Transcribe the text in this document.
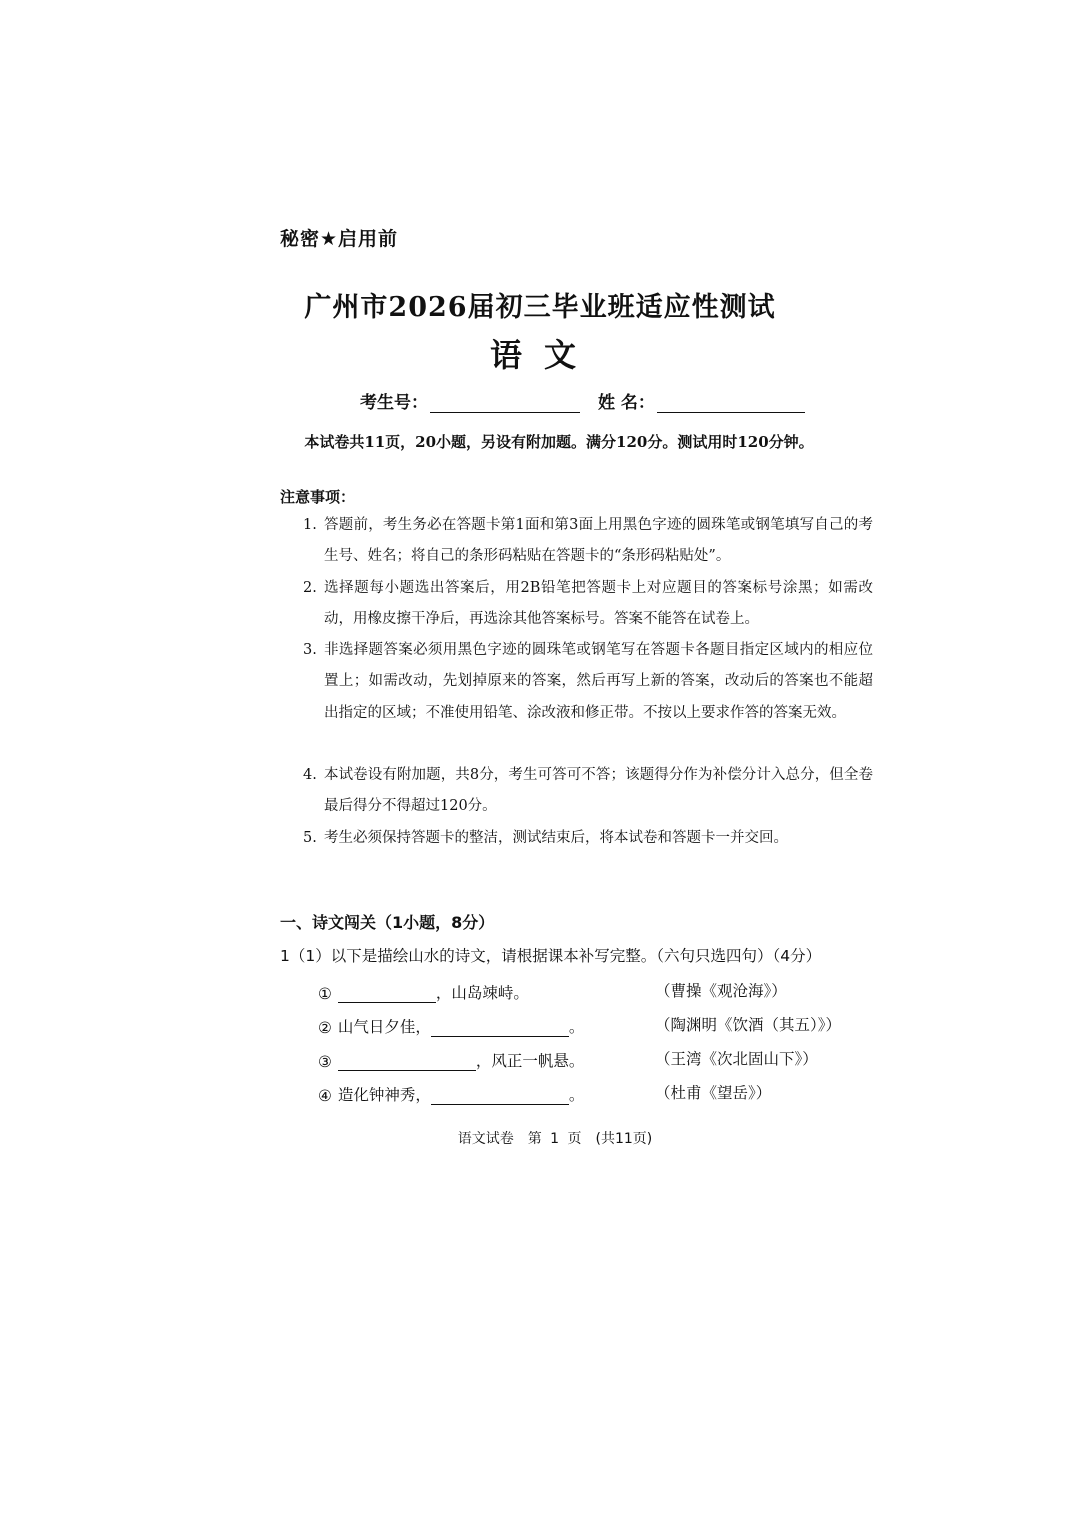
秘密★启用前
广州市2026届初三毕业班适应性测试
语文
考生号：	姓 名：
本试卷共11页，20小题，另设有附加题。满分120分。测试用时120分钟。
注意事项：
1. 答题前，考生务必在答题卡第1面和第3面上用黑色字迹的圆珠笔或钢笔填写自己的考生号、姓名；将自己的条形码粘贴在答题卡的“条形码粘贴处”。
2. 选择题每小题选出答案后，用2B铅笔把答题卡上对应题目的答案标号涂黑；如需改动，用橡皮擦干净后，再选涂其他答案标号。答案不能答在试卷上。
3. 非选择题答案必须用黑色字迹的圆珠笔或钢笔写在答题卡各题目指定区域内的相应位置上；如需改动，先划掉原来的答案，然后再写上新的答案，改动后的答案也不能超出指定的区域；不准使用铅笔、涂改液和修正带。不按以上要求作答的答案无效。
4. 本试卷设有附加题，共8分，考生可答可不答；该题得分作为补偿分计入总分，但全卷最后得分不得超过120分。
5. 考生必须保持答题卡的整洁，测试结束后，将本试卷和答题卡一并交回。
一、诗文闯关（1小题，8分）
1（1）以下是描绘山水的诗文，请根据课本补写完整。（六句只选四句）（4分）
①	，山岛竦峙。	（曹操《观沧海》）
② 山气日夕佳，	。	（陶渊明《饮酒（其五）》）
③	，风正一帆悬。	（王湾《次北固山下》）
④ 造化钟神秀，	。	（杜甫《望岳》）
语文试卷　第 1 页　(共11页)
